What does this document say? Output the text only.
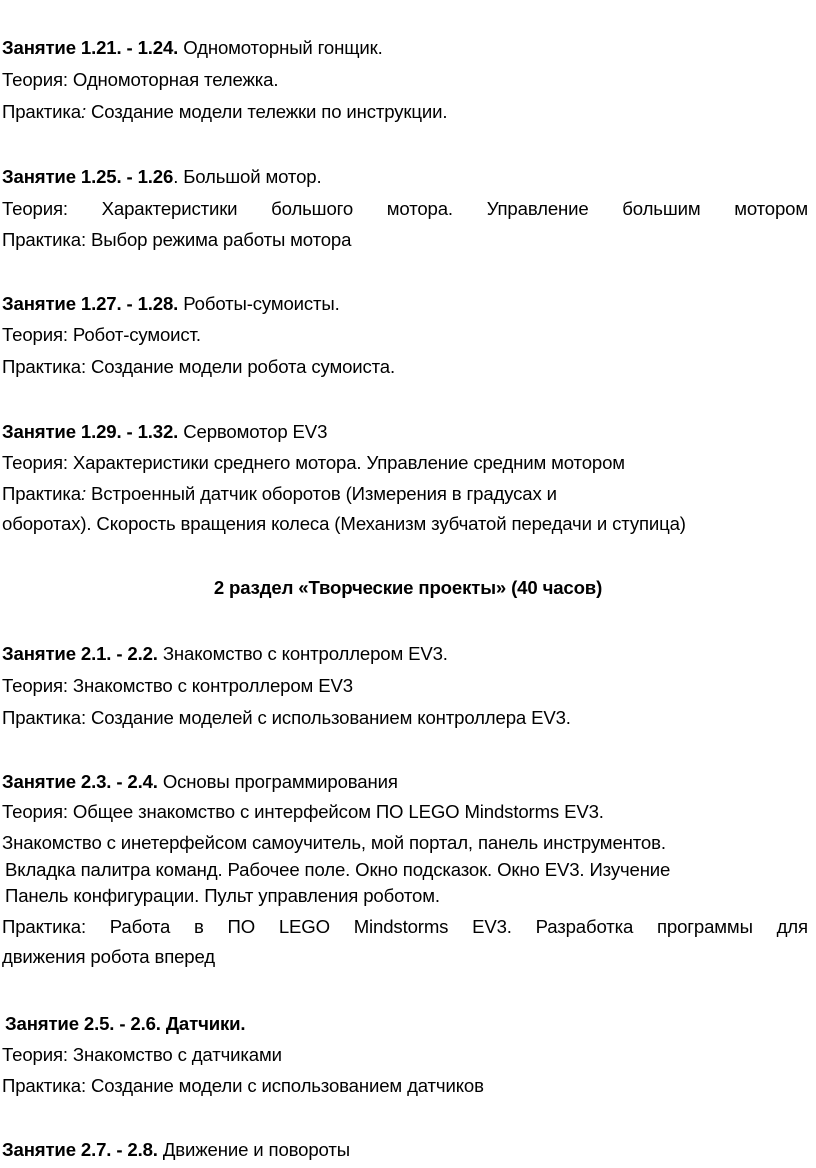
Занятие 1.21. - 1.24. Одномоторный гонщик.
Теория: Одномоторная тележка.
Практика: Создание модели тележки по инструкции.
Занятие 1.25. - 1.26. Большой мотор.
Теория: Характеристики большого мотора. Управление большим мотором
Практика: Выбор режима работы мотора
Занятие 1.27. - 1.28. Роботы-сумоисты.
Теория: Робот-сумоист.
Практика: Создание модели робота сумоиста.
Занятие 1.29. - 1.32. Сервомотор EV3
Теория: Характеристики среднего мотора. Управление средним мотором
Практика: Встроенный датчик оборотов (Измерения в градусах и
оборотах). Скорость вращения колеса (Механизм зубчатой передачи и ступица)
2 раздел «Творческие проекты» (40 часов)
Занятие 2.1. - 2.2. Знакомство с контроллером EV3.
Теория: Знакомство с контроллером EV3
Практика: Создание моделей с использованием контроллера EV3.
Занятие 2.3. - 2.4. Основы программирования
Теория: Общее знакомство с интерфейсом ПО LEGO Mindstorms EV3.
Знакомство с инетерфейсом самоучитель, мой портал, панель инструментов.
Вкладка палитра команд. Рабочее поле. Окно подсказок. Окно EV3. Изучение
Панель конфигурации. Пульт управления роботом.
Практика: Работа в ПО LEGO Mindstorms EV3. Разработка программы для
движения робота вперед
Занятие 2.5. - 2.6. Датчики.
Теория: Знакомство с датчиками
Практика: Создание модели с использованием датчиков
Занятие 2.7. - 2.8. Движение и повороты
